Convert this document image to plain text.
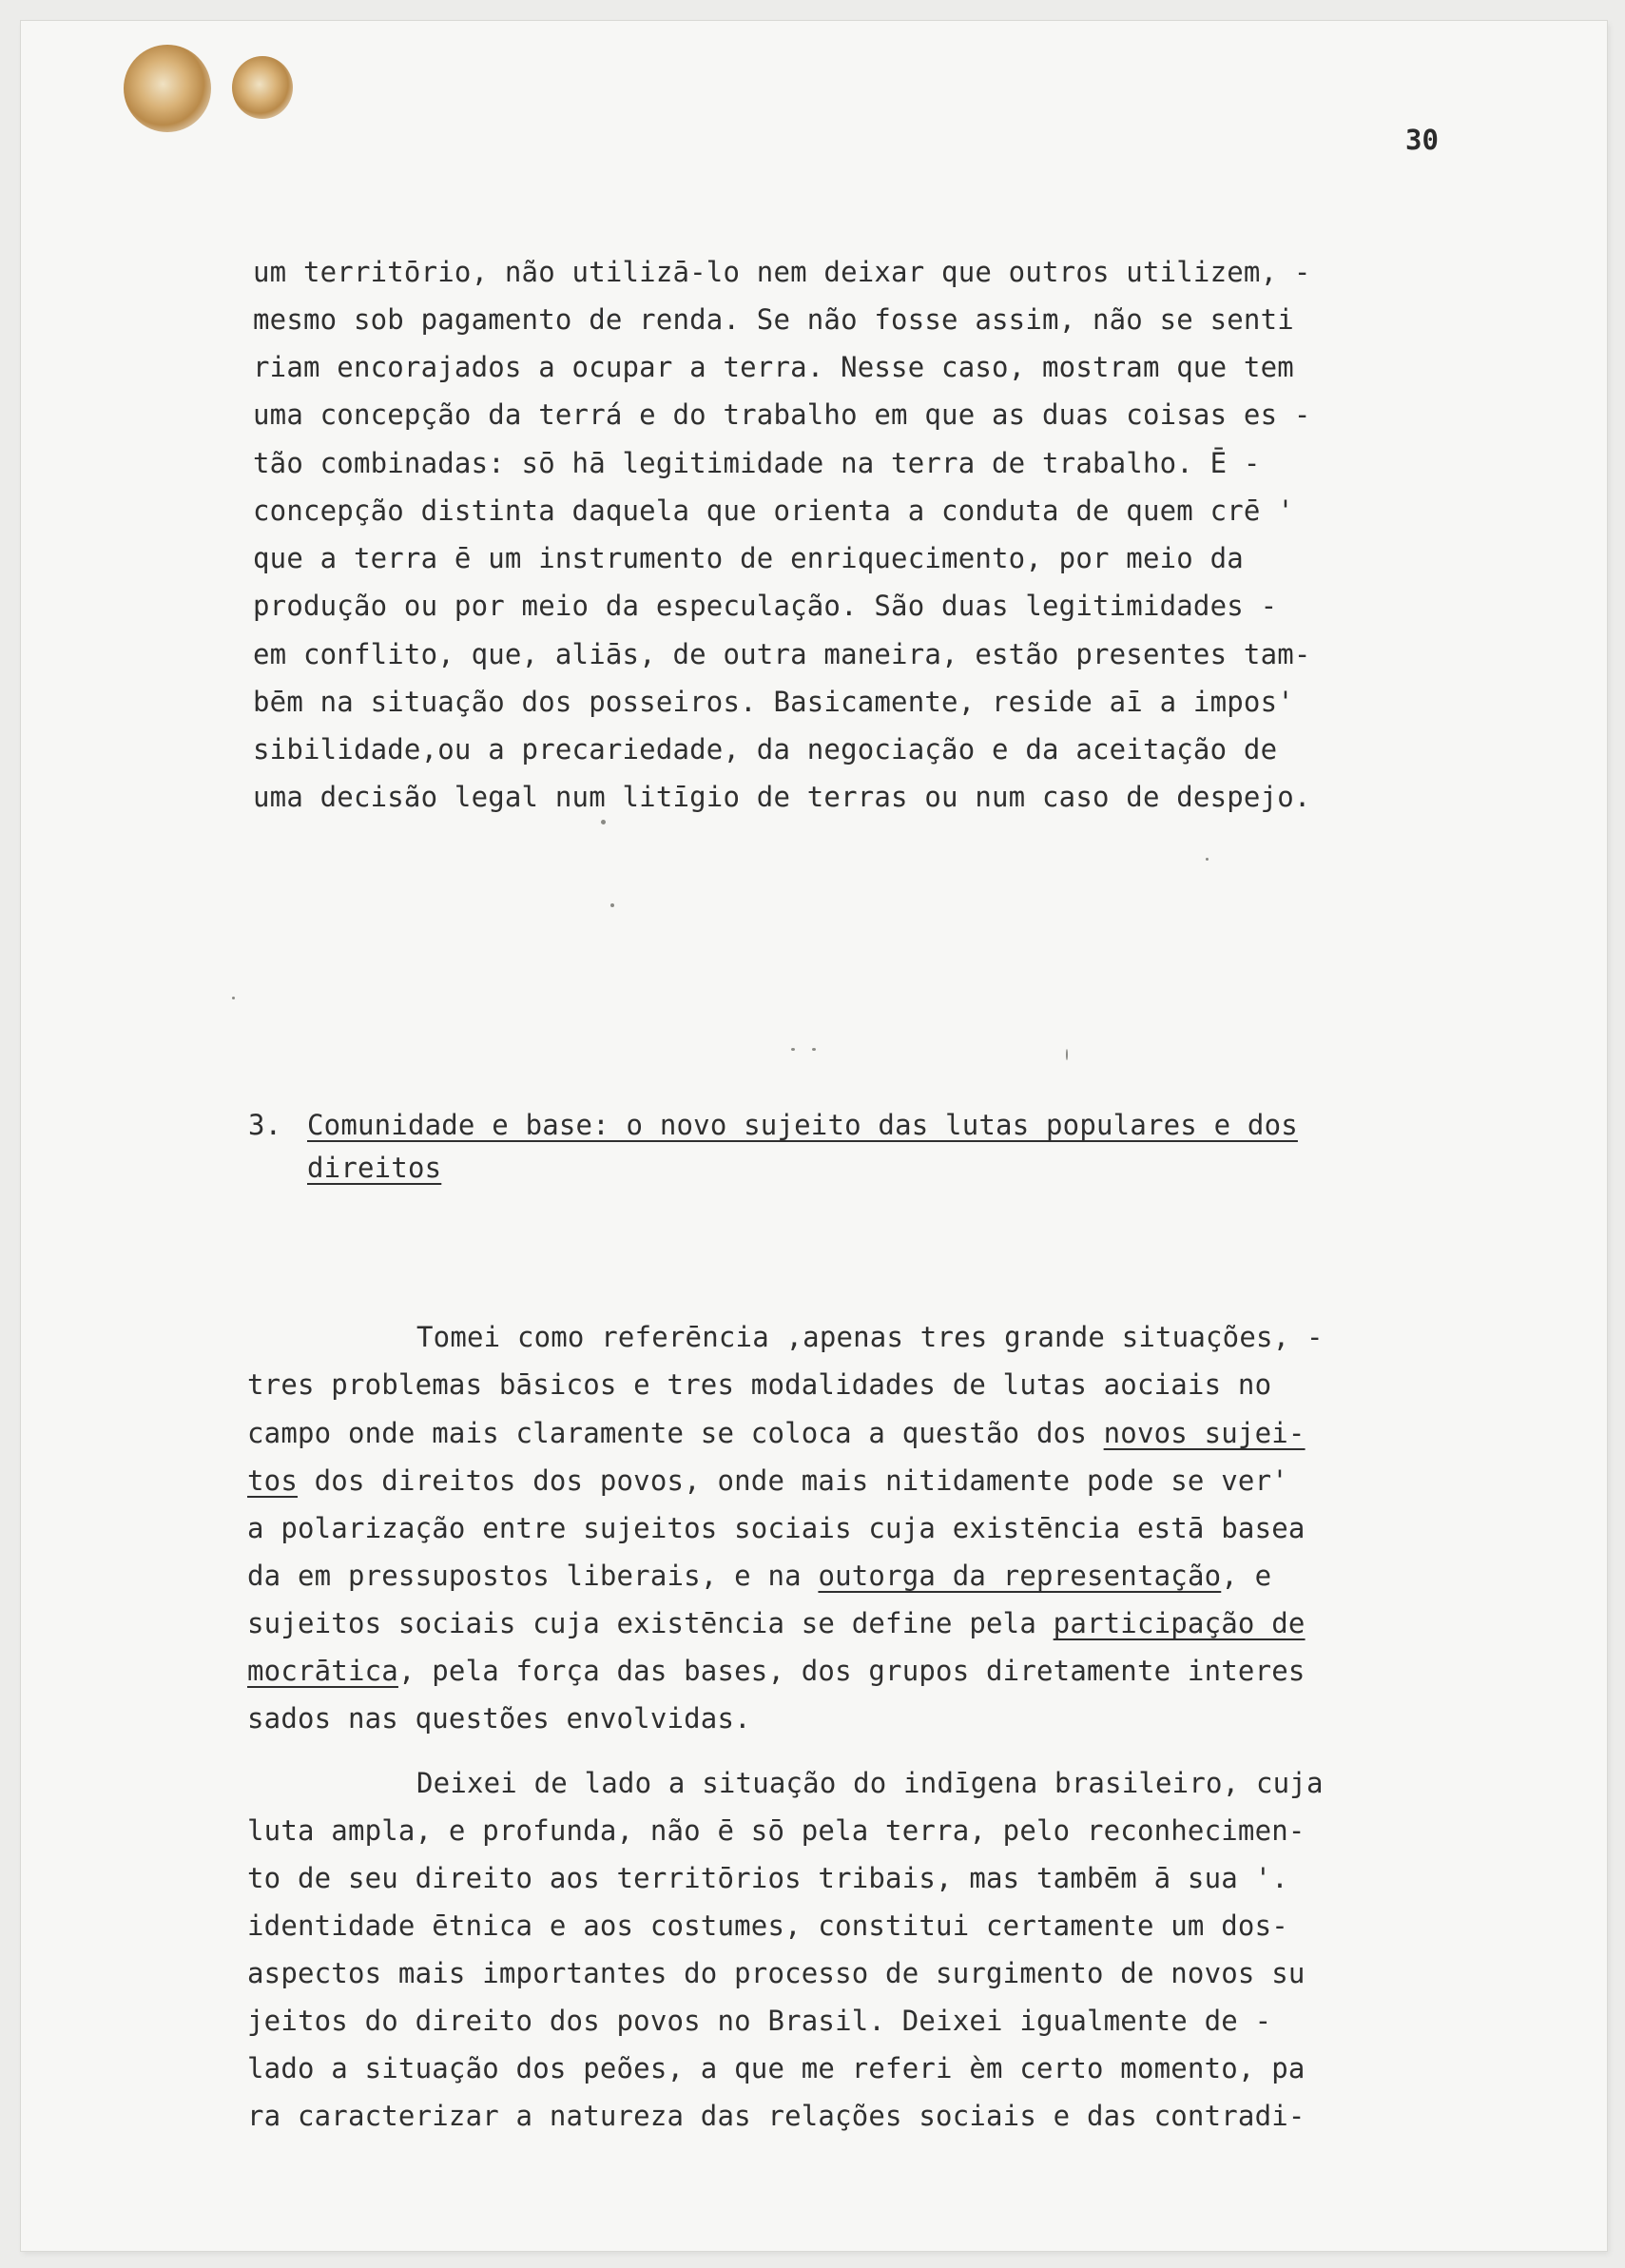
30
um territōrio, não utilizā-lo nem deixar que outros utilizem, -
mesmo sob pagamento de renda. Se não fosse assim, não se senti
riam encorajados a ocupar a terra. Nesse caso, mostram que tem
uma concepção da terrá e do trabalho em que as duas coisas es -
tão combinadas: sō hā legitimidade na terra de trabalho. Ē -
concepção distinta daquela que orienta a conduta de quem crē '
que a terra ē um instrumento de enriquecimento, por meio da
produção ou por meio da especulação. São duas legitimidades -
em conflito, que, aliās, de outra maneira, estão presentes tam-
bēm na situação dos posseiros. Basicamente, reside aī a impos'
sibilidade,ou a precariedade, da negociação e da aceitação de
uma decisão legal num litīgio de terras ou num caso de despejo.
3. Comunidade e base: o novo sujeito das lutas populares e dos
direitos
Tomei como referēncia ,apenas tres grande situações, -
tres problemas bāsicos e tres modalidades de lutas aociais no
campo onde mais claramente se coloca a questão dos novos sujei-
tos dos direitos dos povos, onde mais nitidamente pode se ver'
a polarização entre sujeitos sociais cuja existēncia estā basea
da em pressupostos liberais, e na outorga da representação, e
sujeitos sociais cuja existēncia se define pela participação de
mocrātica, pela força das bases, dos grupos diretamente interes
sados nas questões envolvidas.
Deixei de lado a situação do indīgena brasileiro, cuja
luta ampla, e profunda, não ē sō pela terra, pelo reconhecimen-
to de seu direito aos territōrios tribais, mas tambēm ā sua '.
identidade ētnica e aos costumes, constitui certamente um dos-
aspectos mais importantes do processo de surgimento de novos su
jeitos do direito dos povos no Brasil. Deixei igualmente de -
lado a situação dos peões, a que me referi èm certo momento, pa
ra caracterizar a natureza das relações sociais e das contradi-
